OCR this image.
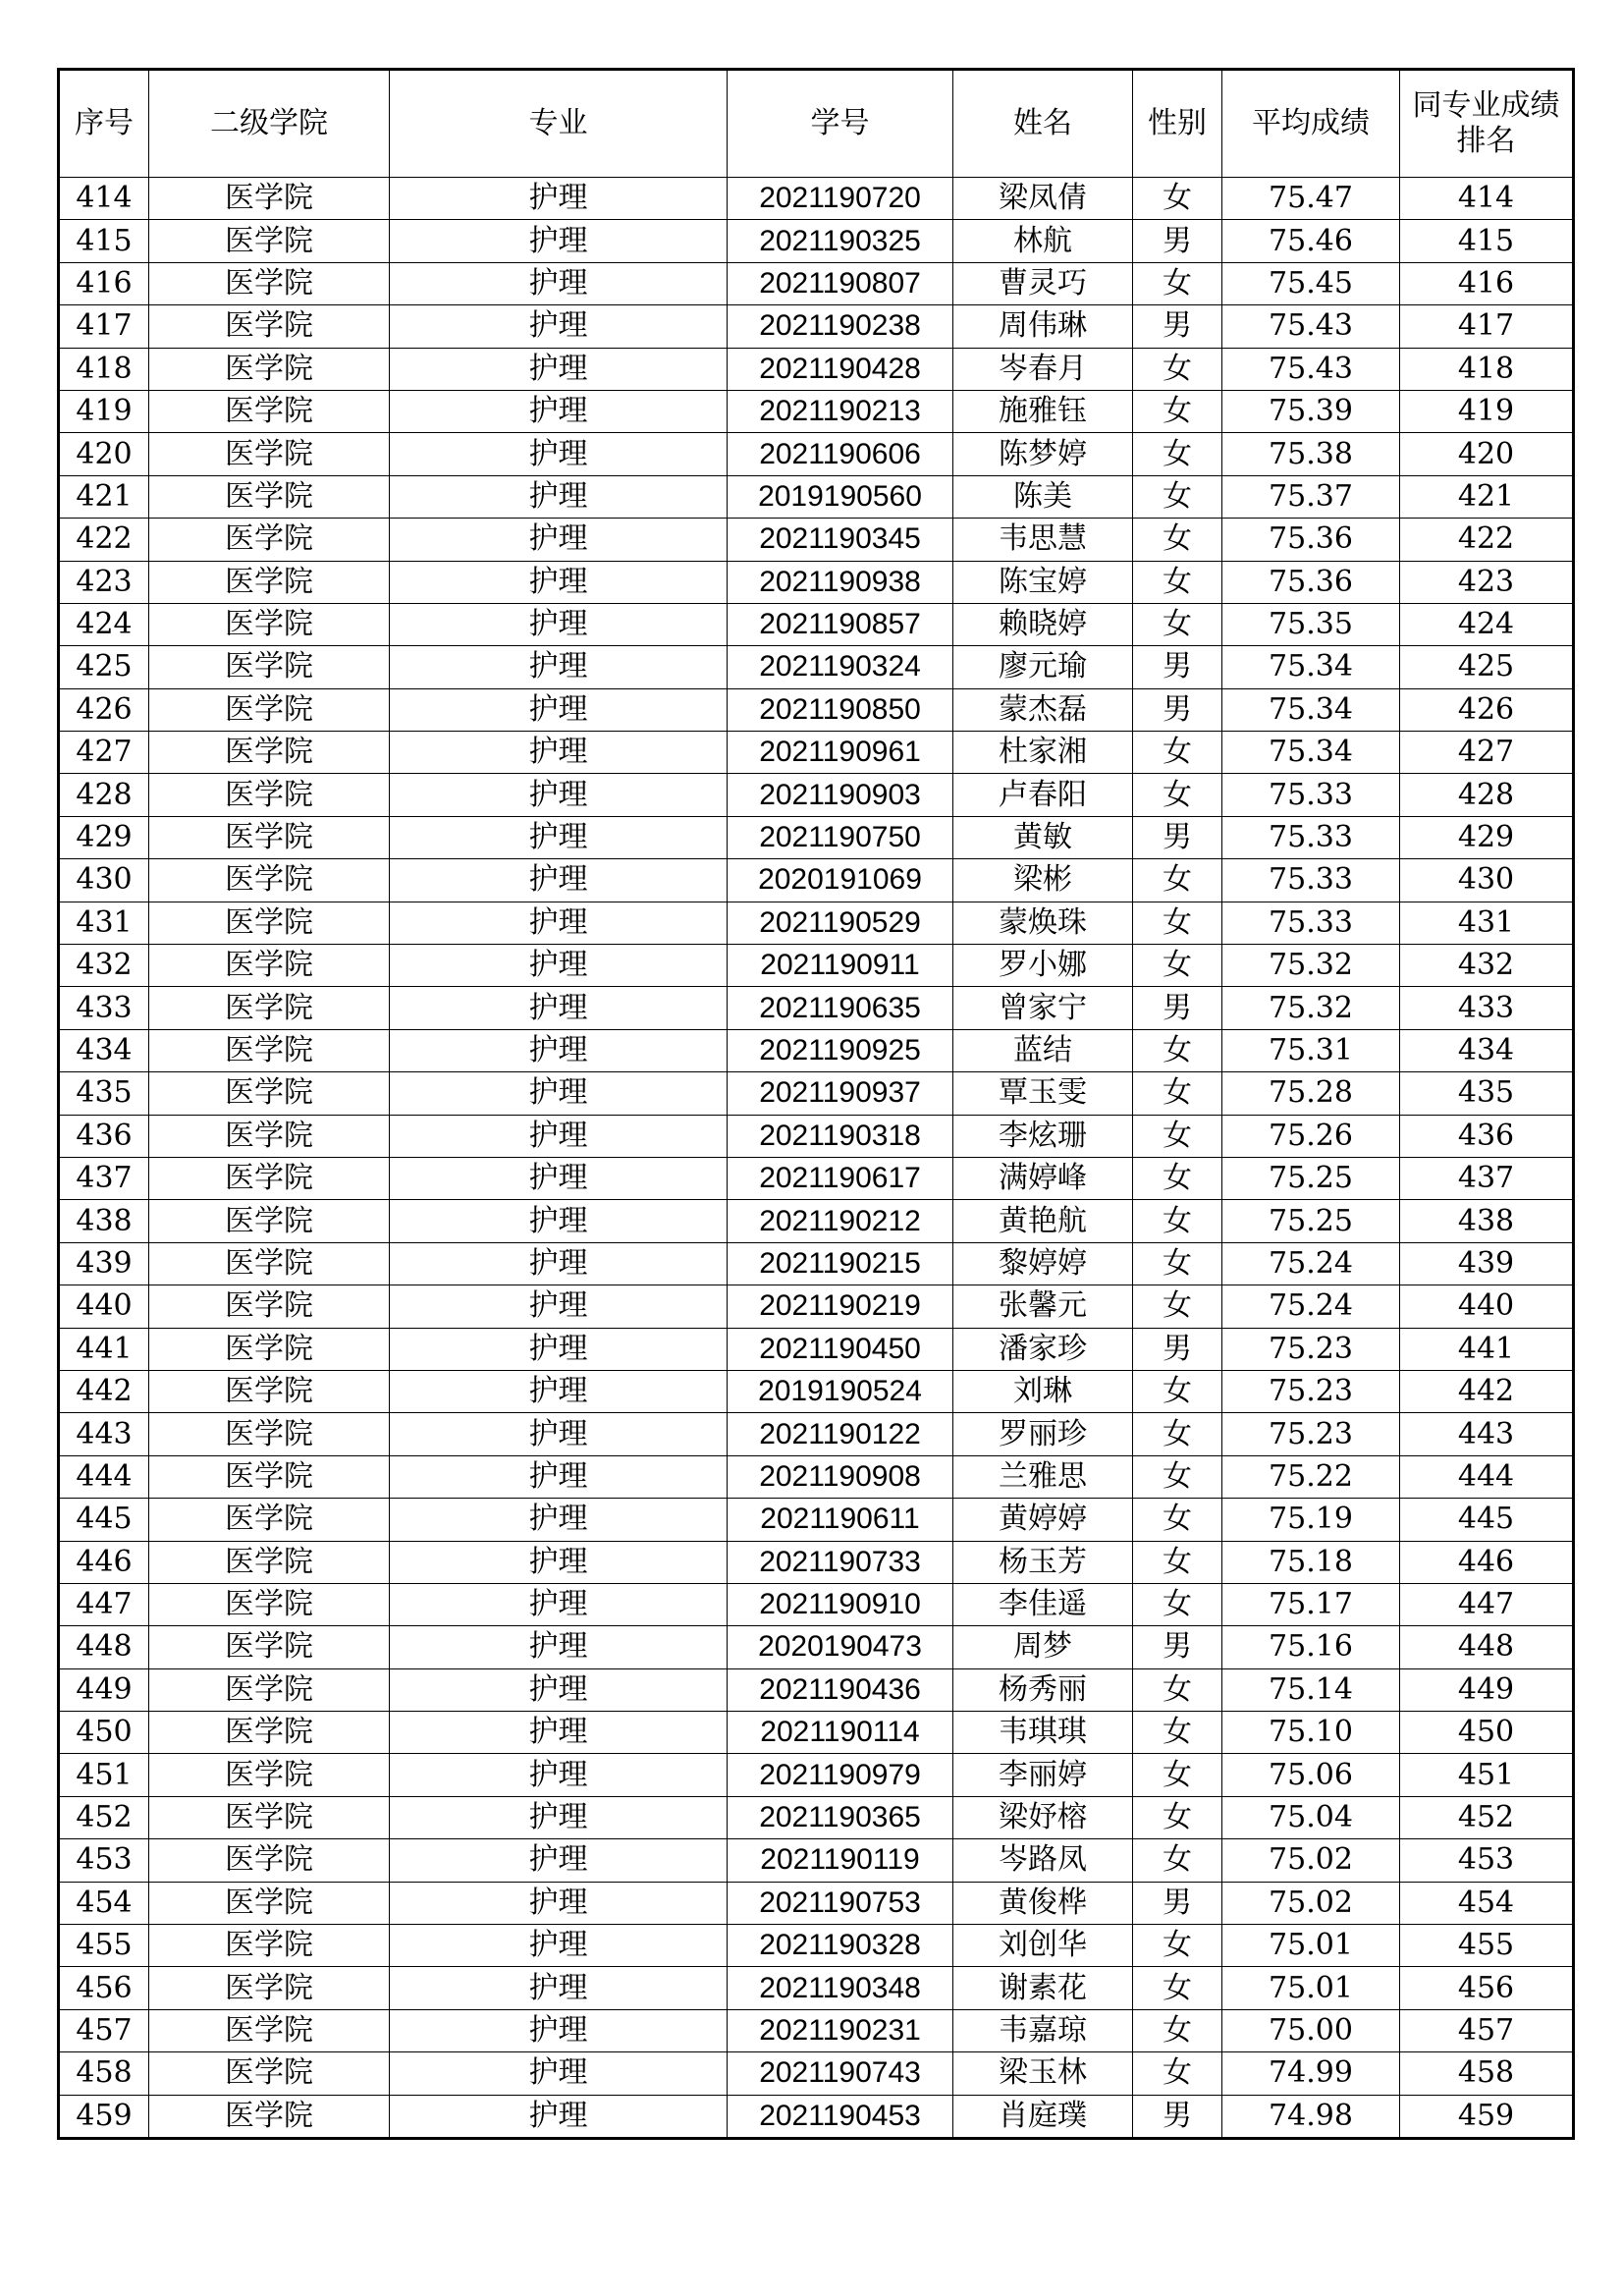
序号	二级学院	专业	学号	姓名	性别	平均成绩	同专业成绩排名
414	医学院	护理	2021190720	梁凤倩	女	75.47	414
415	医学院	护理	2021190325	林航	男	75.46	415
416	医学院	护理	2021190807	曹灵巧	女	75.45	416
417	医学院	护理	2021190238	周伟琳	男	75.43	417
418	医学院	护理	2021190428	岑春月	女	75.43	418
419	医学院	护理	2021190213	施雅钰	女	75.39	419
420	医学院	护理	2021190606	陈梦婷	女	75.38	420
421	医学院	护理	2019190560	陈美	女	75.37	421
422	医学院	护理	2021190345	韦思慧	女	75.36	422
423	医学院	护理	2021190938	陈宝婷	女	75.36	423
424	医学院	护理	2021190857	赖晓婷	女	75.35	424
425	医学院	护理	2021190324	廖元瑜	男	75.34	425
426	医学院	护理	2021190850	蒙杰磊	男	75.34	426
427	医学院	护理	2021190961	杜家湘	女	75.34	427
428	医学院	护理	2021190903	卢春阳	女	75.33	428
429	医学院	护理	2021190750	黄敏	男	75.33	429
430	医学院	护理	2020191069	梁彬	女	75.33	430
431	医学院	护理	2021190529	蒙焕珠	女	75.33	431
432	医学院	护理	2021190911	罗小娜	女	75.32	432
433	医学院	护理	2021190635	曾家宁	男	75.32	433
434	医学院	护理	2021190925	蓝结	女	75.31	434
435	医学院	护理	2021190937	覃玉雯	女	75.28	435
436	医学院	护理	2021190318	李炫珊	女	75.26	436
437	医学院	护理	2021190617	满婷峰	女	75.25	437
438	医学院	护理	2021190212	黄艳航	女	75.25	438
439	医学院	护理	2021190215	黎婷婷	女	75.24	439
440	医学院	护理	2021190219	张馨元	女	75.24	440
441	医学院	护理	2021190450	潘家珍	男	75.23	441
442	医学院	护理	2019190524	刘琳	女	75.23	442
443	医学院	护理	2021190122	罗丽珍	女	75.23	443
444	医学院	护理	2021190908	兰雅思	女	75.22	444
445	医学院	护理	2021190611	黄婷婷	女	75.19	445
446	医学院	护理	2021190733	杨玉芳	女	75.18	446
447	医学院	护理	2021190910	李佳遥	女	75.17	447
448	医学院	护理	2020190473	周梦	男	75.16	448
449	医学院	护理	2021190436	杨秀丽	女	75.14	449
450	医学院	护理	2021190114	韦琪琪	女	75.10	450
451	医学院	护理	2021190979	李丽婷	女	75.06	451
452	医学院	护理	2021190365	梁妤榕	女	75.04	452
453	医学院	护理	2021190119	岑路凤	女	75.02	453
454	医学院	护理	2021190753	黄俊桦	男	75.02	454
455	医学院	护理	2021190328	刘创华	女	75.01	455
456	医学院	护理	2021190348	谢素花	女	75.01	456
457	医学院	护理	2021190231	韦嘉琼	女	75.00	457
458	医学院	护理	2021190743	梁玉林	女	74.99	458
459	医学院	护理	2021190453	肖庭璞	男	74.98	459
